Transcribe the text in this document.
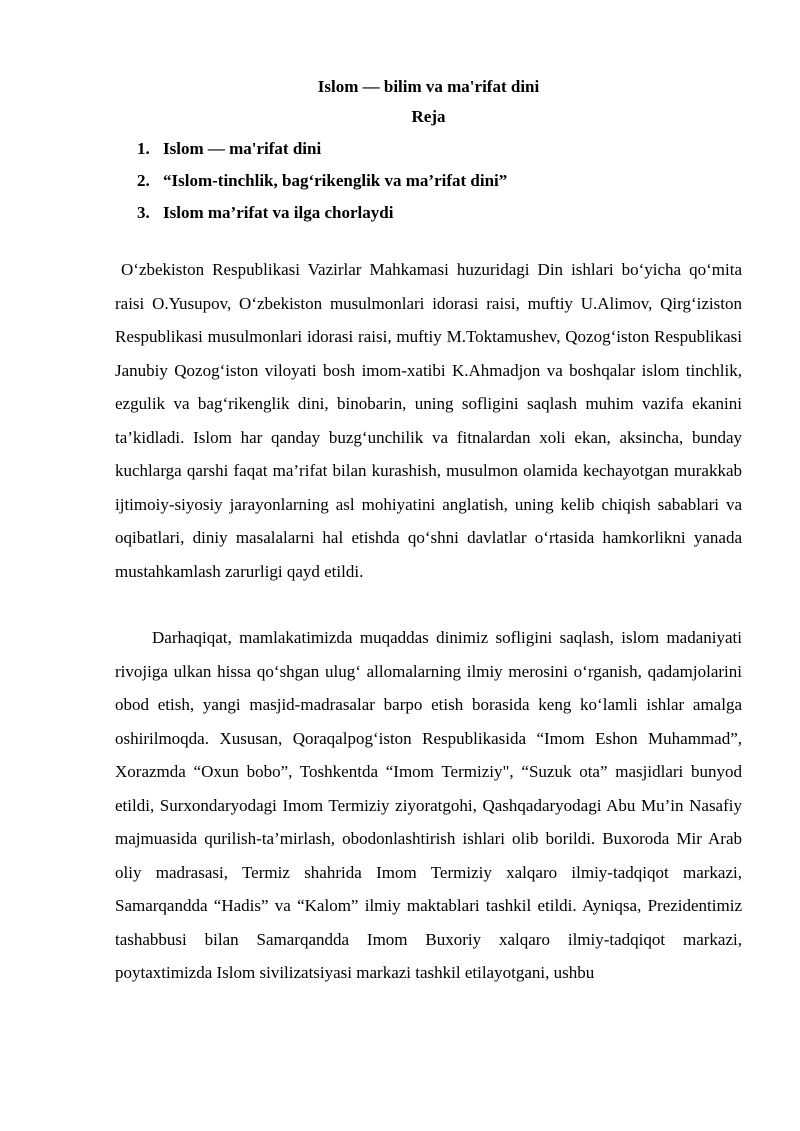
Islom — bilim va ma'rifat dini
Reja
1. Islom — ma'rifat dini
2. “Islom-tinchlik, bag‘rikenglik va ma’rifat dini”
3. Islom ma’rifat va ilga chorlaydi

O‘zbekiston Respublikasi Vazirlar Mahkamasi huzuridagi Din ishlari bo‘yicha qo‘mita raisi O.Yusupov, O‘zbekiston musulmonlari idorasi raisi, muftiy U.Alimov, Qirg‘iziston Respublikasi musulmonlari idorasi raisi, muftiy M.Toktamushev, Qozog‘iston Respublikasi Janubiy Qozog‘iston viloyati bosh imom-xatibi K.Ahmadjon va boshqalar islom tinchlik, ezgulik va bag‘rikenglik dini, binobarin, uning sofligini saqlash muhim vazifa ekanini ta’kidladi. Islom har qanday buzg‘unchilik va fitnalardan xoli ekan, aksincha, bunday kuchlarga qarshi faqat ma’rifat bilan kurashish, musulmon olamida kechayotgan murakkab ijtimoiy-siyosiy jarayonlarning asl mohiyatini anglatish, uning kelib chiqish sabablari va oqibatlari, diniy masalalarni hal etishda qo‘shni davlatlar o‘rtasida hamkorlikni yanada mustahkamlash zarurligi qayd etildi.

Darhaqiqat, mamlakatimizda muqaddas dinimiz sofligini saqlash, islom madaniyati rivojiga ulkan hissa qo‘shgan ulug‘ allomalarning ilmiy merosini o‘rganish, qadamjolarini obod etish, yangi masjid-madrasalar barpo etish borasida keng ko‘lamli ishlar amalga oshirilmoqda. Xususan, Qoraqalpog‘iston Respublikasida “Imom Eshon Muhammad”, Xorazmda “Oxun bobo”, Toshkentda “Imom Termiziy", “Suzuk ota” masjidlari bunyod etildi, Surxondaryodagi Imom Termiziy ziyoratgohi, Qashqadaryodagi Abu Mu’in Nasafiy majmuasida qurilish-ta’mirlash, obodonlashtirish ishlari olib borildi. Buxoroda Mir Arab oliy madrasasi, Termiz shahrida Imom Termiziy xalqaro ilmiy-tadqiqot markazi, Samarqandda “Hadis” va “Kalom” ilmiy maktablari tashkil etildi. Ayniqsa, Prezidentimiz tashabbusi bilan Samarqandda Imom Buxoriy xalqaro ilmiy-tadqiqot markazi, poytaxtimizda Islom sivilizatsiyasi markazi tashkil etilayotgani, ushbu
